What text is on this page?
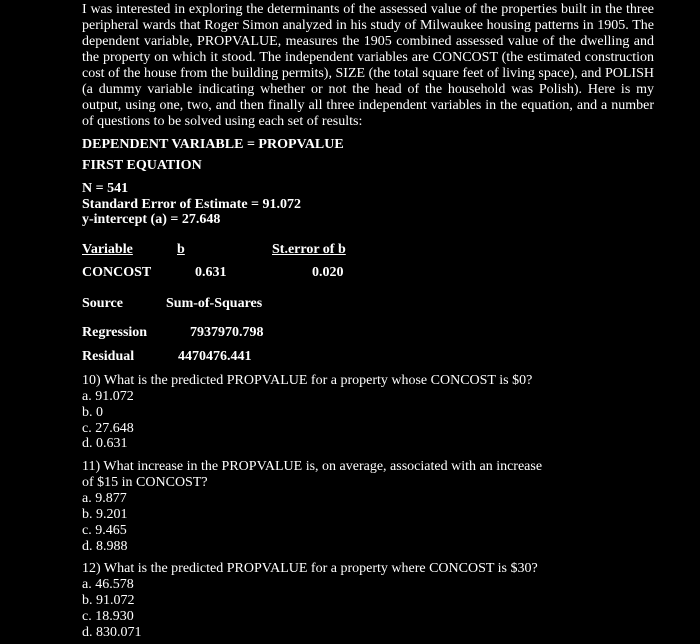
I was interested in exploring the determinants of the assessed value of the properties built in the three peripheral wards that Roger Simon analyzed in his study of Milwaukee housing patterns in 1905. The dependent variable, PROPVALUE, measures the 1905 combined assessed value of the dwelling and the property on which it stood. The independent variables are CONCOST (the estimated construction cost of the house from the building permits), SIZE (the total square feet of living space), and POLISH (a dummy variable indicating whether or not the head of the household was Polish). Here is my output, using one, two, and then finally all three independent variables in the equation, and a number of questions to be solved using each set of results:

DEPENDENT VARIABLE = PROPVALUE
FIRST EQUATION
N = 541
Standard Error of Estimate = 91.072
y-intercept (a) = 27.648
Variable	b	St.error of b
CONCOST	0.631	0.020
Source	Sum-of-Squares
Regression	7937970.798
Residual	4470476.441
10) What is the predicted PROPVALUE for a property whose CONCOST is $0?
a. 91.072
b. 0
c. 27.648
d. 0.631
11) What increase in the PROPVALUE is, on average, associated with an increase
of $15 in CONCOST?
a. 9.877
b. 9.201
c. 9.465
d. 8.988
12) What is the predicted PROPVALUE for a property where CONCOST is $30?
a. 46.578
b. 91.072
c. 18.930
d. 830.071
